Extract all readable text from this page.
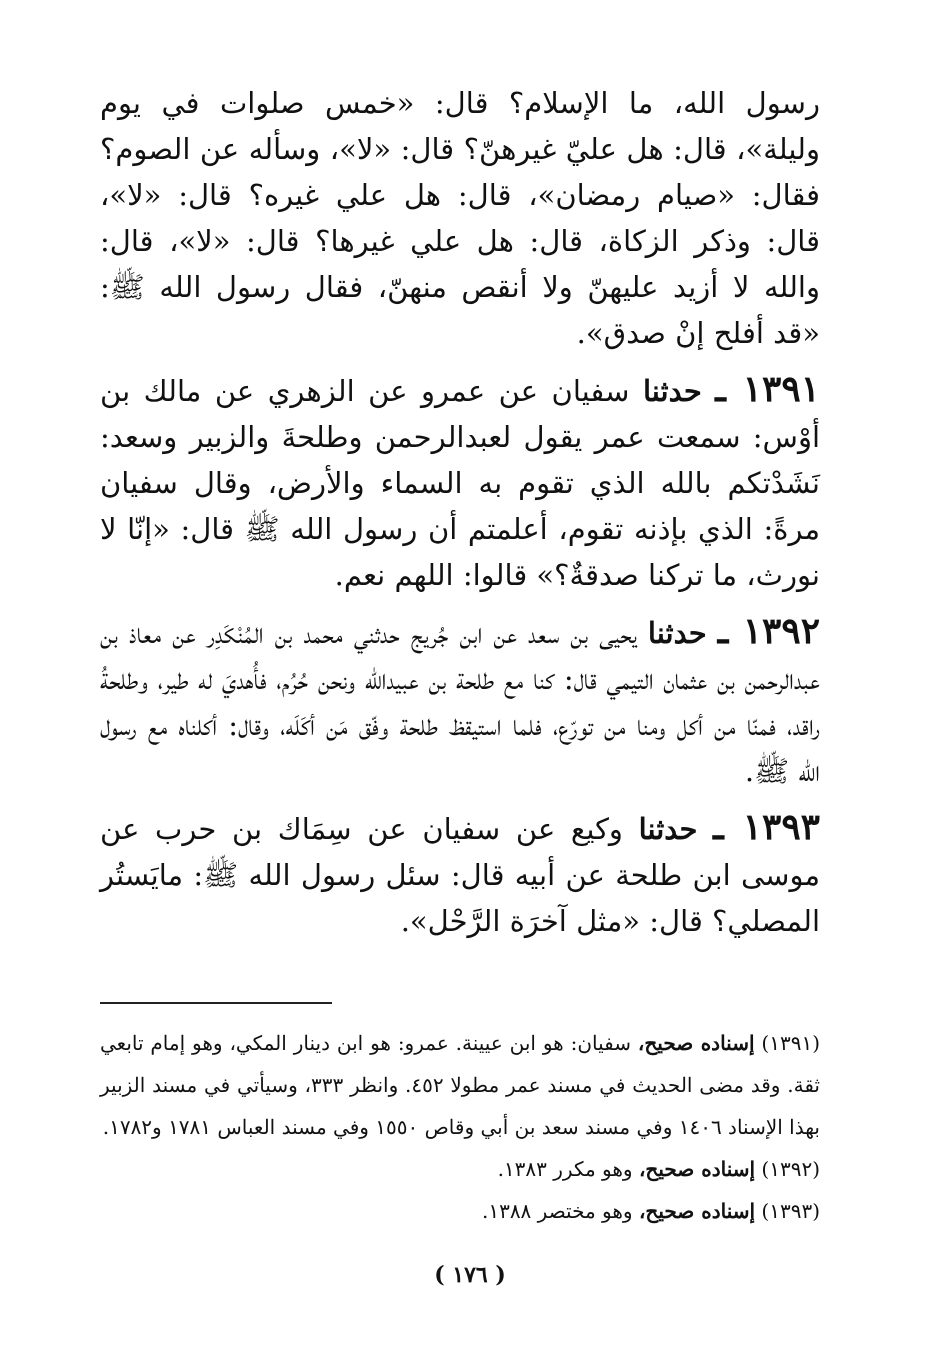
رسول الله، ما الإسلام؟ قال: «خمس صلوات في يوم وليلة»، قال: هل عليّ غيرهنّ؟ قال: «لا»، وسأله عن الصوم؟ فقال: «صيام رمضان»، قال: هل علي غيره؟ قال: «لا»، قال: وذكر الزكاة، قال: هل علي غيرها؟ قال: «لا»، قال: والله لا أزيد عليهنّ ولا أنقص منهنّ، فقال رسول الله ﷺ: «قد أفلح إنْ صدق».

١٣٩١ ـ حدثنا سفيان عن عمرو عن الزهري عن مالك بن أوْس: سمعت عمر يقول لعبدالرحمن وطلحةَ والزبير وسعد: نَشَدْتكم بالله الذي تقوم به السماء والأرض، وقال سفيان مرةً: الذي بإذنه تقوم، أعلمتم أن رسول الله ﷺ قال: «إنّا لا نورث، ما تركنا صدقةٌ؟» قالوا: اللهم نعم.

١٣٩٢ ـ حدثنا يحيى بن سعد عن ابن جُريج حدثني محمد بن المُنْكَدِر عن معاذ بن عبدالرحمن بن عثمان التيمي قال: كنا مع طلحة بن عبيدالله ونحن حُرُم، فأُهديَ له طير، وطلحةُ راقد، فمنّا من أكل ومنا من تورّع، فلما استيقظ طلحة وفّق مَن أكَلَه، وقال: أكلناه مع رسول الله ﷺ.

١٣٩٣ ـ حدثنا وكيع عن سفيان عن سِمَاك بن حرب عن موسى ابن طلحة عن أبيه قال: سئل رسول الله ﷺ: مايَستُر المصلي؟ قال: «مثل آخرَة الرَّحْل».

(١٣٩١) إسناده صحيح، سفيان: هو ابن عيينة. عمرو: هو ابن دينار المكي، وهو إمام تابعي ثقة. وقد مضى الحديث في مسند عمر مطولا ٤٥٢. وانظر ٣٣٣، وسيأتي في مسند الزبير بهذا الإسناد ١٤٠٦ وفي مسند سعد بن أبي وقاص ١٥٥٠ وفي مسند العباس ١٧٨١ و١٧٨٢.

(١٣٩٢) إسناده صحيح، وهو مكرر ١٣٨٣.

(١٣٩٣) إسناده صحيح، وهو مختصر ١٣٨٨.

( ١٧٦ )
